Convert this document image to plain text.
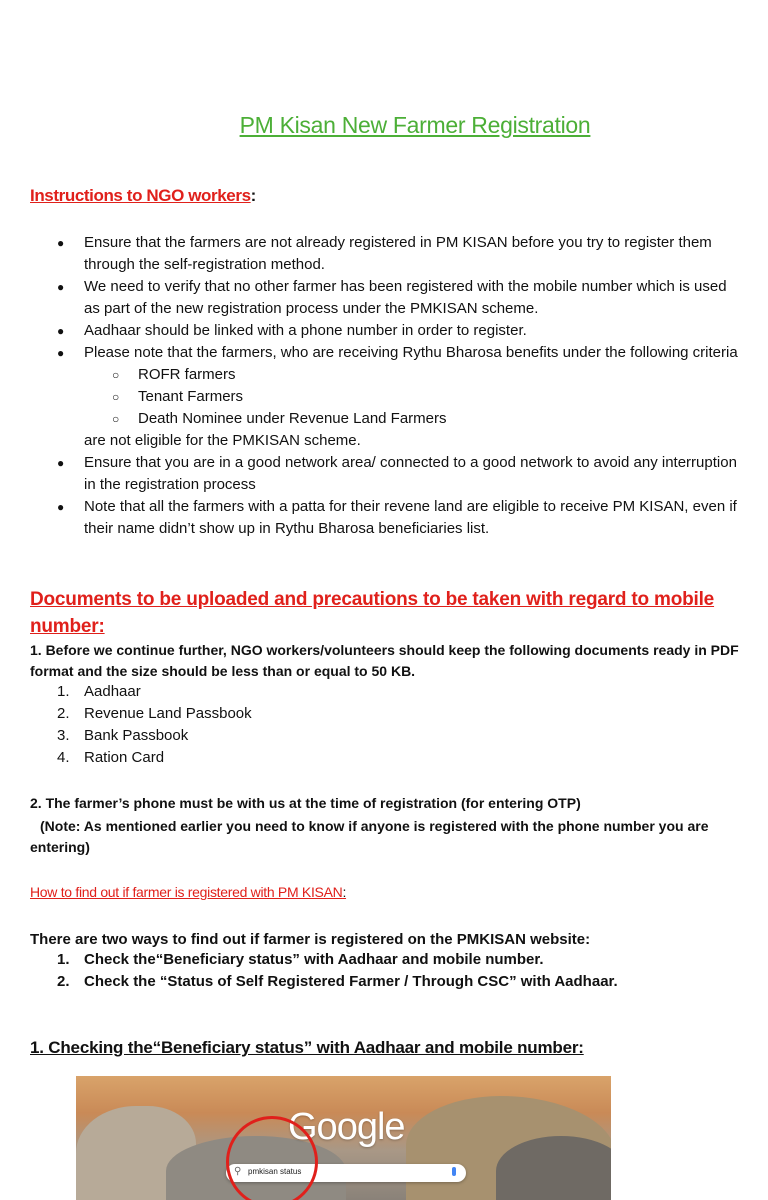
PM Kisan New Farmer Registration
Instructions to NGO workers:
● Ensure that the farmers are not already registered in PM KISAN before you try to register them through the self-registration method.
● We need to verify that no other farmer has been registered with the mobile number which is used as part of the new registration process under the PMKISAN scheme.
● Aadhaar should be linked with a phone number in order to register.
● Please note that the farmers, who are receiving Rythu Bharosa benefits under the following criteria
○ ROFR farmers
○ Tenant Farmers
○ Death Nominee under Revenue Land Farmers
are not eligible for the PMKISAN scheme.
● Ensure that you are in a good network area/ connected to a good network to avoid any interruption in the registration process
● Note that all the farmers with a patta for their revene land are eligible to receive PM KISAN, even if their name didn’t show up in Rythu Bharosa beneficiaries list.
Documents to be uploaded and precautions to be taken with regard to mobile number:
1. Before we continue further, NGO workers/volunteers should keep the following documents ready in PDF format and the size should be less than or equal to 50 KB.
1. Aadhaar
2. Revenue Land Passbook
3. Bank Passbook
4. Ration Card
2. The farmer’s phone must be with us at the time of registration (for entering OTP)
(Note: As mentioned earlier you need to know if anyone is registered with the phone number you are entering)
How to find out if farmer is registered with PM KISAN:
There are two ways to find out if farmer is registered on the PMKISAN website:
1. Check the“Beneficiary status” with Aadhaar and mobile number.
2. Check the “Status of Self Registered Farmer / Through CSC” with Aadhaar.
1. Checking the“Beneficiary status” with Aadhaar and mobile number:
Google
⚲ pmkisan status
